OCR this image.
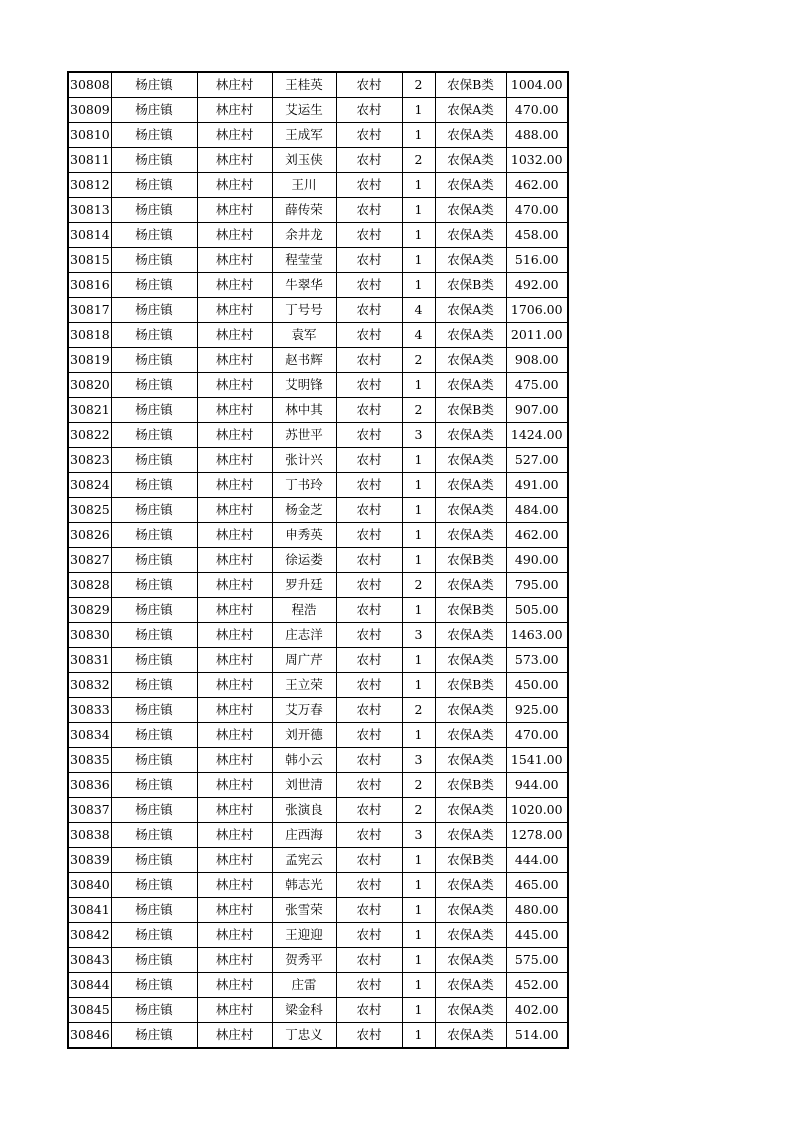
30808	杨庄镇	林庄村	王桂英	农村	2	农保B类	1004.00
30809	杨庄镇	林庄村	艾运生	农村	1	农保A类	470.00
30810	杨庄镇	林庄村	王成军	农村	1	农保A类	488.00
30811	杨庄镇	林庄村	刘玉侠	农村	2	农保A类	1032.00
30812	杨庄镇	林庄村	王川	农村	1	农保A类	462.00
30813	杨庄镇	林庄村	薛传荣	农村	1	农保A类	470.00
30814	杨庄镇	林庄村	余井龙	农村	1	农保A类	458.00
30815	杨庄镇	林庄村	程莹莹	农村	1	农保A类	516.00
30816	杨庄镇	林庄村	牛翠华	农村	1	农保B类	492.00
30817	杨庄镇	林庄村	丁号号	农村	4	农保A类	1706.00
30818	杨庄镇	林庄村	袁军	农村	4	农保A类	2011.00
30819	杨庄镇	林庄村	赵书辉	农村	2	农保A类	908.00
30820	杨庄镇	林庄村	艾明锋	农村	1	农保A类	475.00
30821	杨庄镇	林庄村	林中其	农村	2	农保B类	907.00
30822	杨庄镇	林庄村	苏世平	农村	3	农保A类	1424.00
30823	杨庄镇	林庄村	张计兴	农村	1	农保A类	527.00
30824	杨庄镇	林庄村	丁书玲	农村	1	农保A类	491.00
30825	杨庄镇	林庄村	杨金芝	农村	1	农保A类	484.00
30826	杨庄镇	林庄村	申秀英	农村	1	农保A类	462.00
30827	杨庄镇	林庄村	徐运娄	农村	1	农保B类	490.00
30828	杨庄镇	林庄村	罗升廷	农村	2	农保A类	795.00
30829	杨庄镇	林庄村	程浩	农村	1	农保B类	505.00
30830	杨庄镇	林庄村	庄志洋	农村	3	农保A类	1463.00
30831	杨庄镇	林庄村	周广芹	农村	1	农保A类	573.00
30832	杨庄镇	林庄村	王立荣	农村	1	农保B类	450.00
30833	杨庄镇	林庄村	艾万春	农村	2	农保A类	925.00
30834	杨庄镇	林庄村	刘开德	农村	1	农保A类	470.00
30835	杨庄镇	林庄村	韩小云	农村	3	农保A类	1541.00
30836	杨庄镇	林庄村	刘世清	农村	2	农保B类	944.00
30837	杨庄镇	林庄村	张演良	农村	2	农保A类	1020.00
30838	杨庄镇	林庄村	庄西海	农村	3	农保A类	1278.00
30839	杨庄镇	林庄村	孟宪云	农村	1	农保B类	444.00
30840	杨庄镇	林庄村	韩志光	农村	1	农保A类	465.00
30841	杨庄镇	林庄村	张雪荣	农村	1	农保A类	480.00
30842	杨庄镇	林庄村	王迎迎	农村	1	农保A类	445.00
30843	杨庄镇	林庄村	贺秀平	农村	1	农保A类	575.00
30844	杨庄镇	林庄村	庄雷	农村	1	农保A类	452.00
30845	杨庄镇	林庄村	梁金科	农村	1	农保A类	402.00
30846	杨庄镇	林庄村	丁忠义	农村	1	农保A类	514.00
